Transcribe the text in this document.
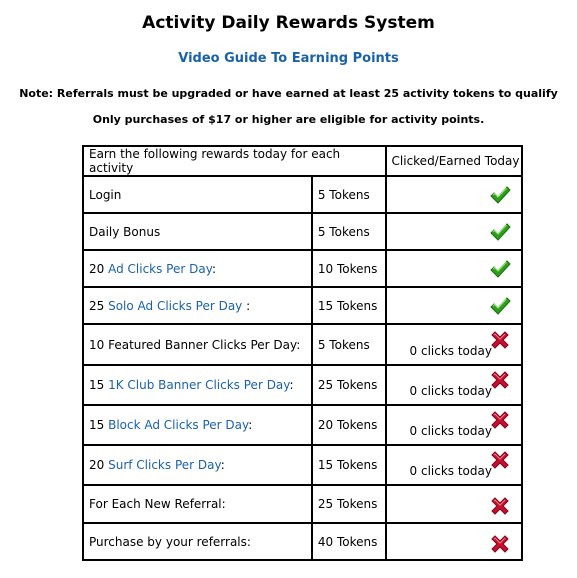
Activity Daily Rewards System
Video Guide To Earning Points
Note: Referrals must be upgraded or have earned at least 25 activity tokens to qualify
Only purchases of $17 or higher are eligible for activity points.
Earn the following rewards today for each activity		Clicked/Earned Today
Login	5 Tokens	

Daily Bonus	5 Tokens	

20 Ad Clicks Per Day:	10 Tokens	

25 Solo Ad Clicks Per Day :	15 Tokens	

10 Featured Banner Clicks Per Day:	5 Tokens	0 clicks today

15 1K Club Banner Clicks Per Day:	25 Tokens	0 clicks today

15 Block Ad Clicks Per Day:	20 Tokens	0 clicks today

20 Surf Clicks Per Day:	15 Tokens	0 clicks today

For Each New Referral:	25 Tokens	

Purchase by your referrals:	40 Tokens	
